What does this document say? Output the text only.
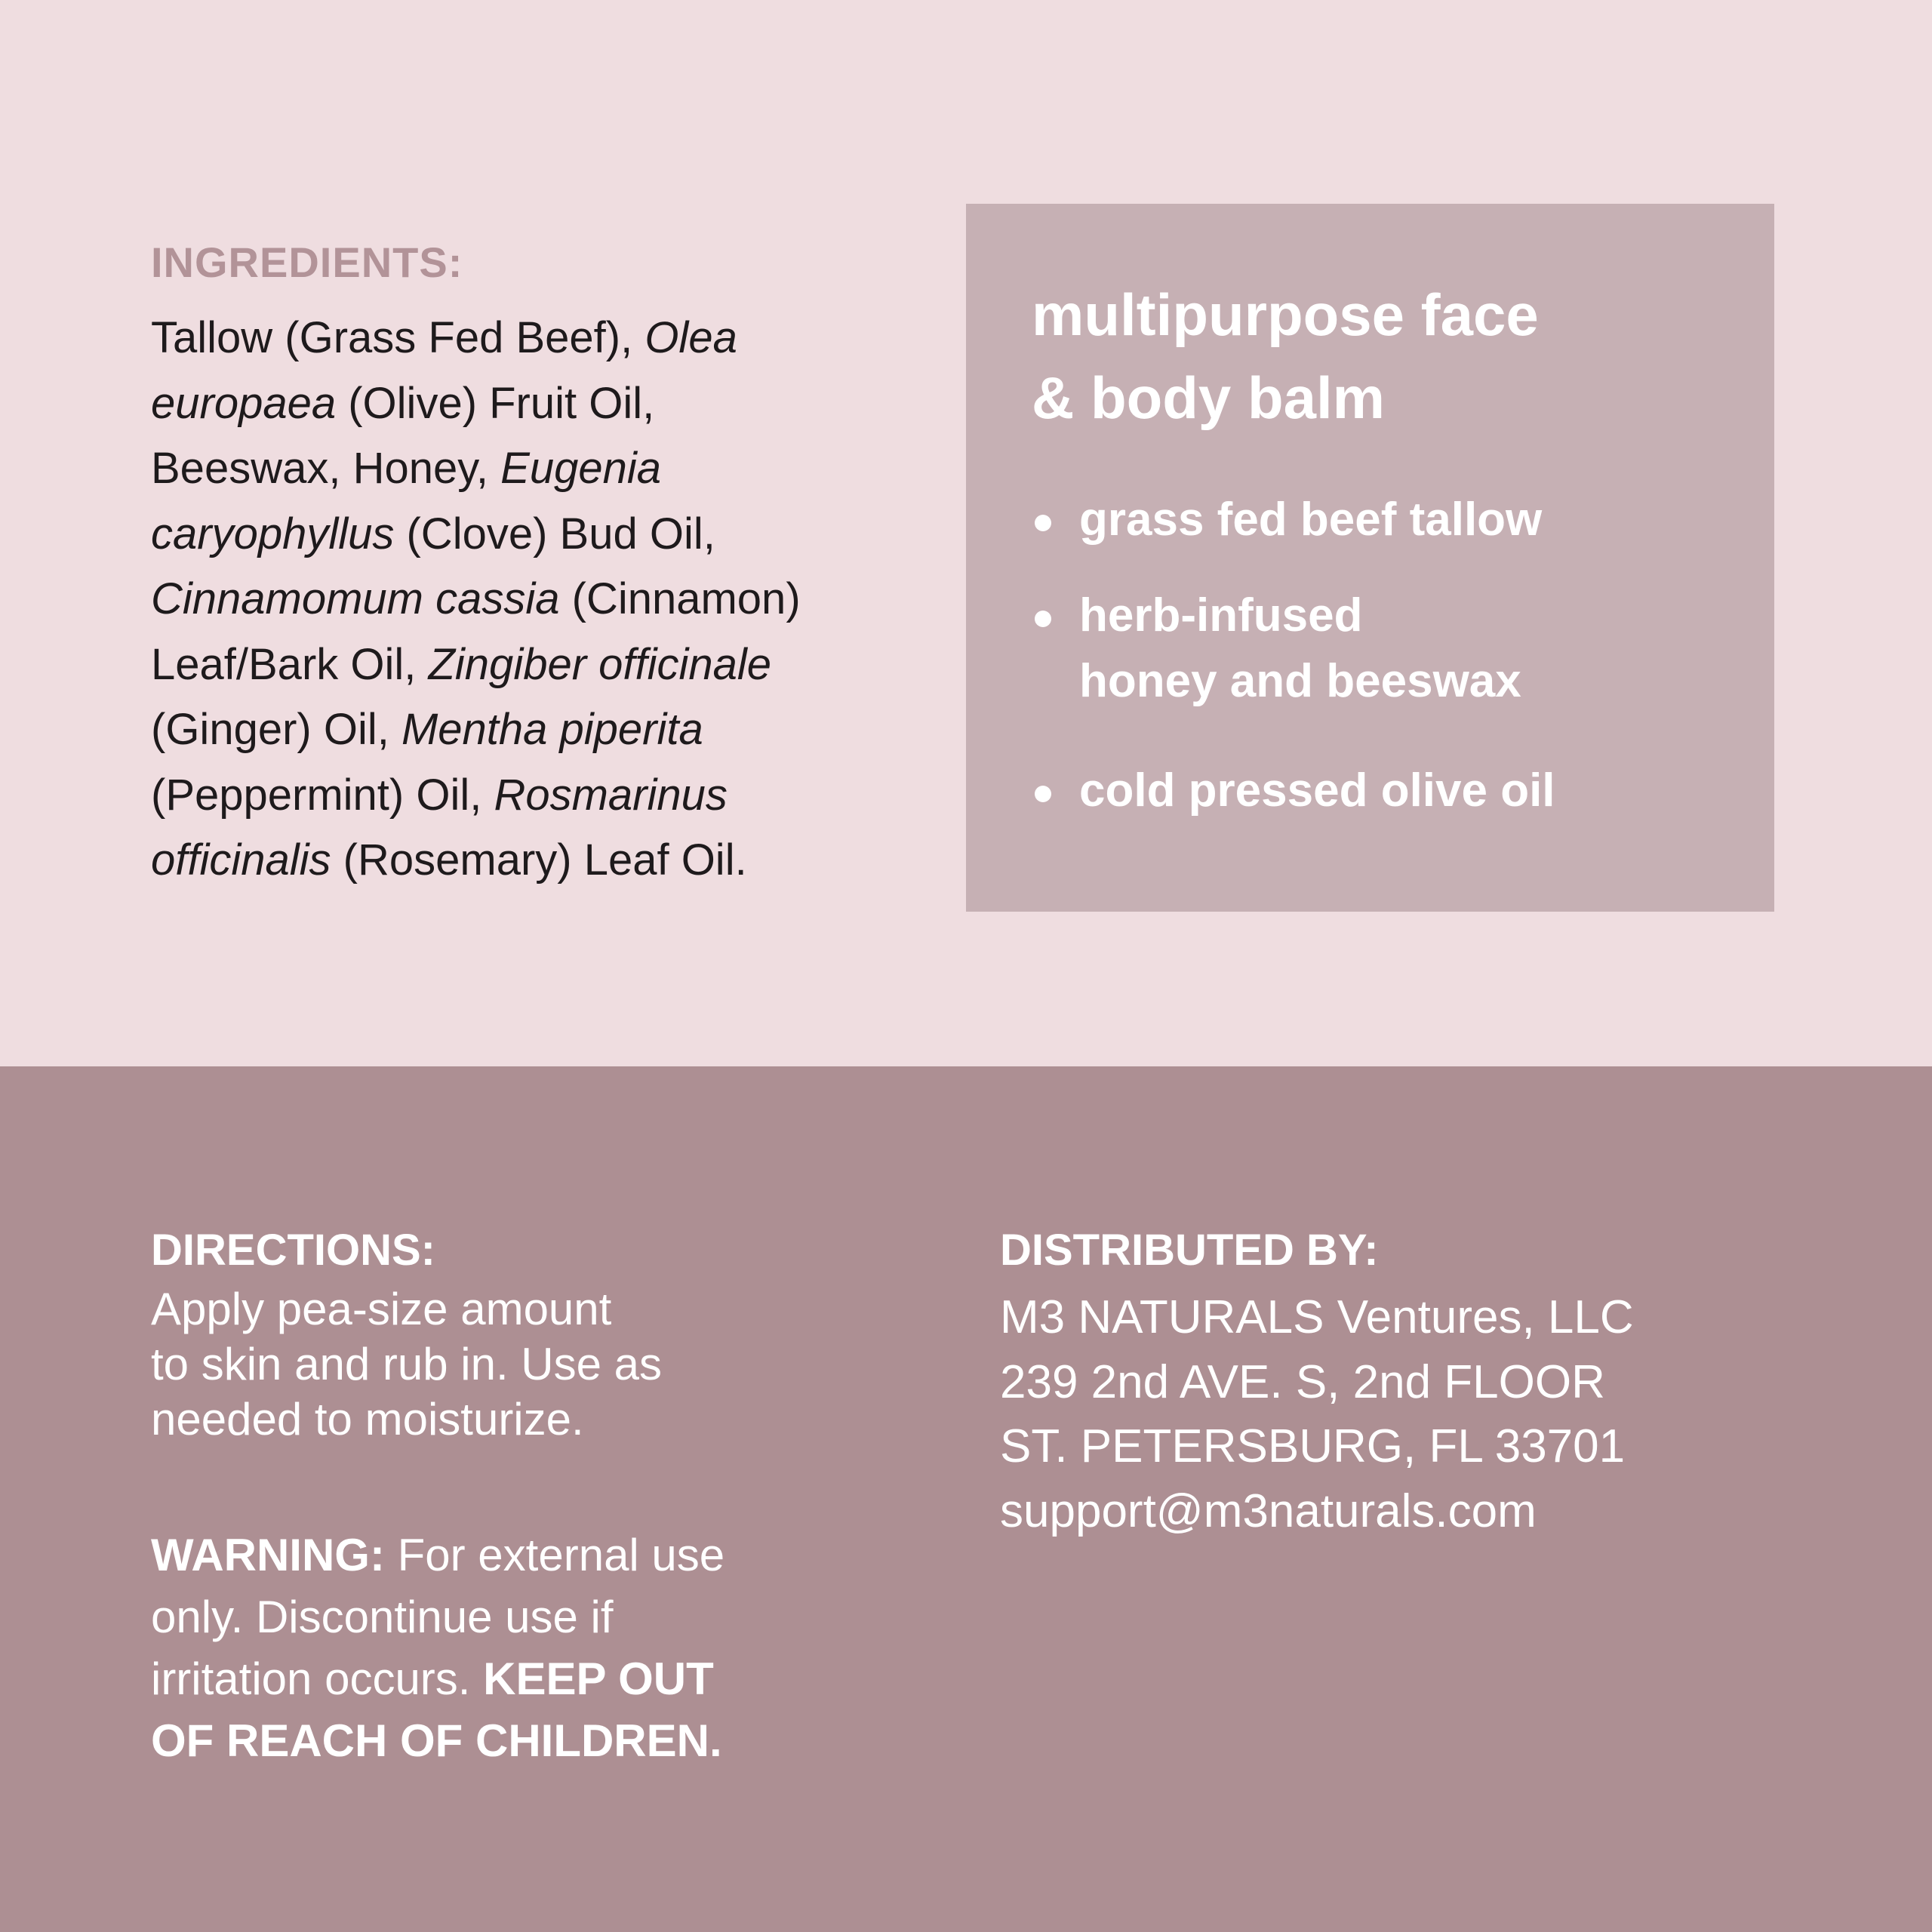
INGREDIENTS:

Tallow (Grass Fed Beef), Olea
europaea (Olive) Fruit Oil,
Beeswax, Honey, Eugenia
caryophyllus (Clove) Bud Oil,
Cinnamomum cassia (Cinnamon)
Leaf/Bark Oil, Zingiber officinale
(Ginger) Oil, Mentha piperita
(Peppermint) Oil, Rosmarinus
officinalis (Rosemary) Leaf Oil.

multipurpose face
& body balm
grass fed beef tallow
herb-infused
honey and beeswax
cold pressed olive oil
DIRECTIONS:
Apply pea-size amount
to skin and rub in. Use as
needed to moisturize.
WARNING: For external use
only. Discontinue use if
irritation occurs. KEEP OUT
OF REACH OF CHILDREN.
DISTRIBUTED BY:
M3 NATURALS Ventures, LLC
239 2nd AVE. S, 2nd FLOOR
ST. PETERSBURG, FL 33701
support@m3naturals.com
